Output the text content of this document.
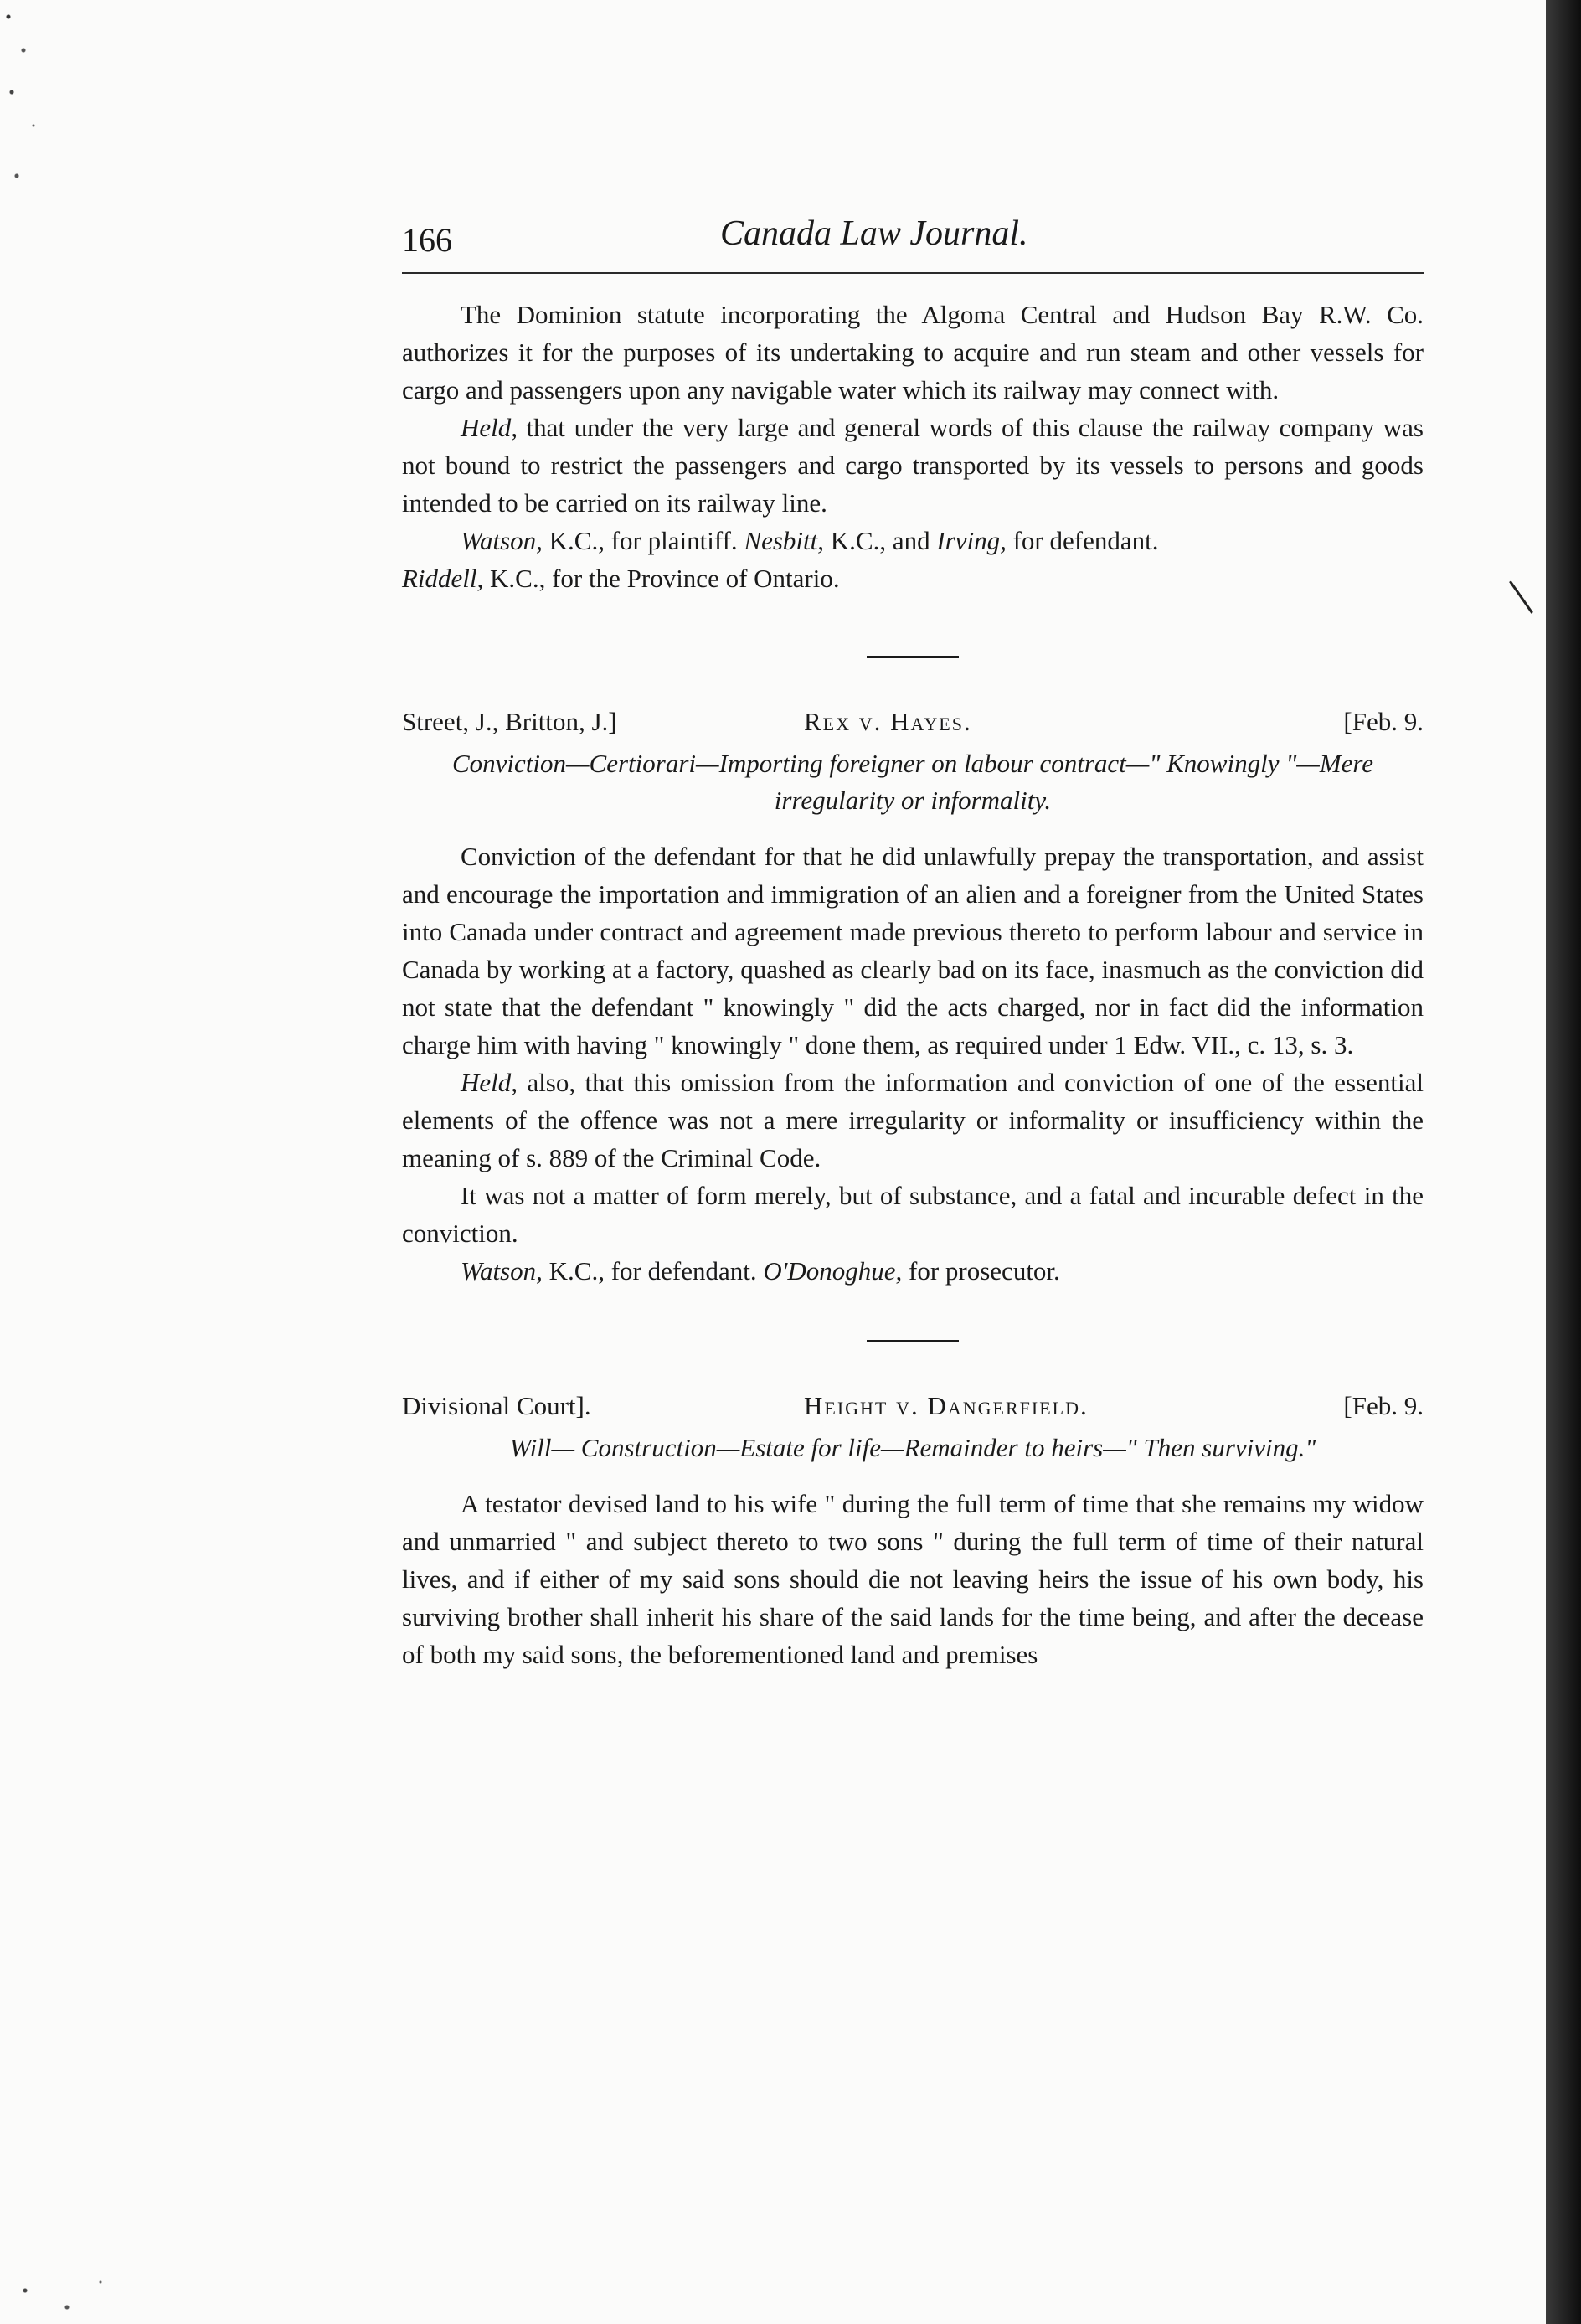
166	Canada Law Journal.

The Dominion statute incorporating the Algoma Central and Hudson Bay R.W. Co. authorizes it for the purposes of its undertaking to acquire and run steam and other vessels for cargo and passengers upon any navigable water which its railway may connect with.

Held, that under the very large and general words of this clause the railway company was not bound to restrict the passengers and cargo transported by its vessels to persons and goods intended to be carried on its railway line.

Watson, K.C., for plaintiff. Nesbitt, K.C., and Irving, for defendant.

Riddell, K.C., for the Province of Ontario.

Street, J., Britton, J.]	Rex v. Hayes.	[Feb. 9.
Conviction—Certiorari—Importing foreigner on labour contract—" Knowingly "—Mere irregularity or informality.

Conviction of the defendant for that he did unlawfully prepay the transportation, and assist and encourage the importation and immigration of an alien and a foreigner from the United States into Canada under contract and agreement made previous thereto to perform labour and service in Canada by working at a factory, quashed as clearly bad on its face, inasmuch as the conviction did not state that the defendant " knowingly " did the acts charged, nor in fact did the information charge him with having " knowingly " done them, as required under 1 Edw. VII., c. 13, s. 3.

Held, also, that this omission from the information and conviction of one of the essential elements of the offence was not a mere irregularity or informality or insufficiency within the meaning of s. 889 of the Criminal Code.

It was not a matter of form merely, but of substance, and a fatal and incurable defect in the conviction.

Watson, K.C., for defendant. O'Donoghue, for prosecutor.

Divisional Court].	Height v. Dangerfield.	[Feb. 9.
Will— Construction—Estate for life—Remainder to heirs—" Then surviving."

A testator devised land to his wife " during the full term of time that she remains my widow and unmarried " and subject thereto to two sons " during the full term of time of their natural lives, and if either of my said sons should die not leaving heirs the issue of his own body, his surviving brother shall inherit his share of the said lands for the time being, and after the decease of both my said sons, the beforementioned land and premises
